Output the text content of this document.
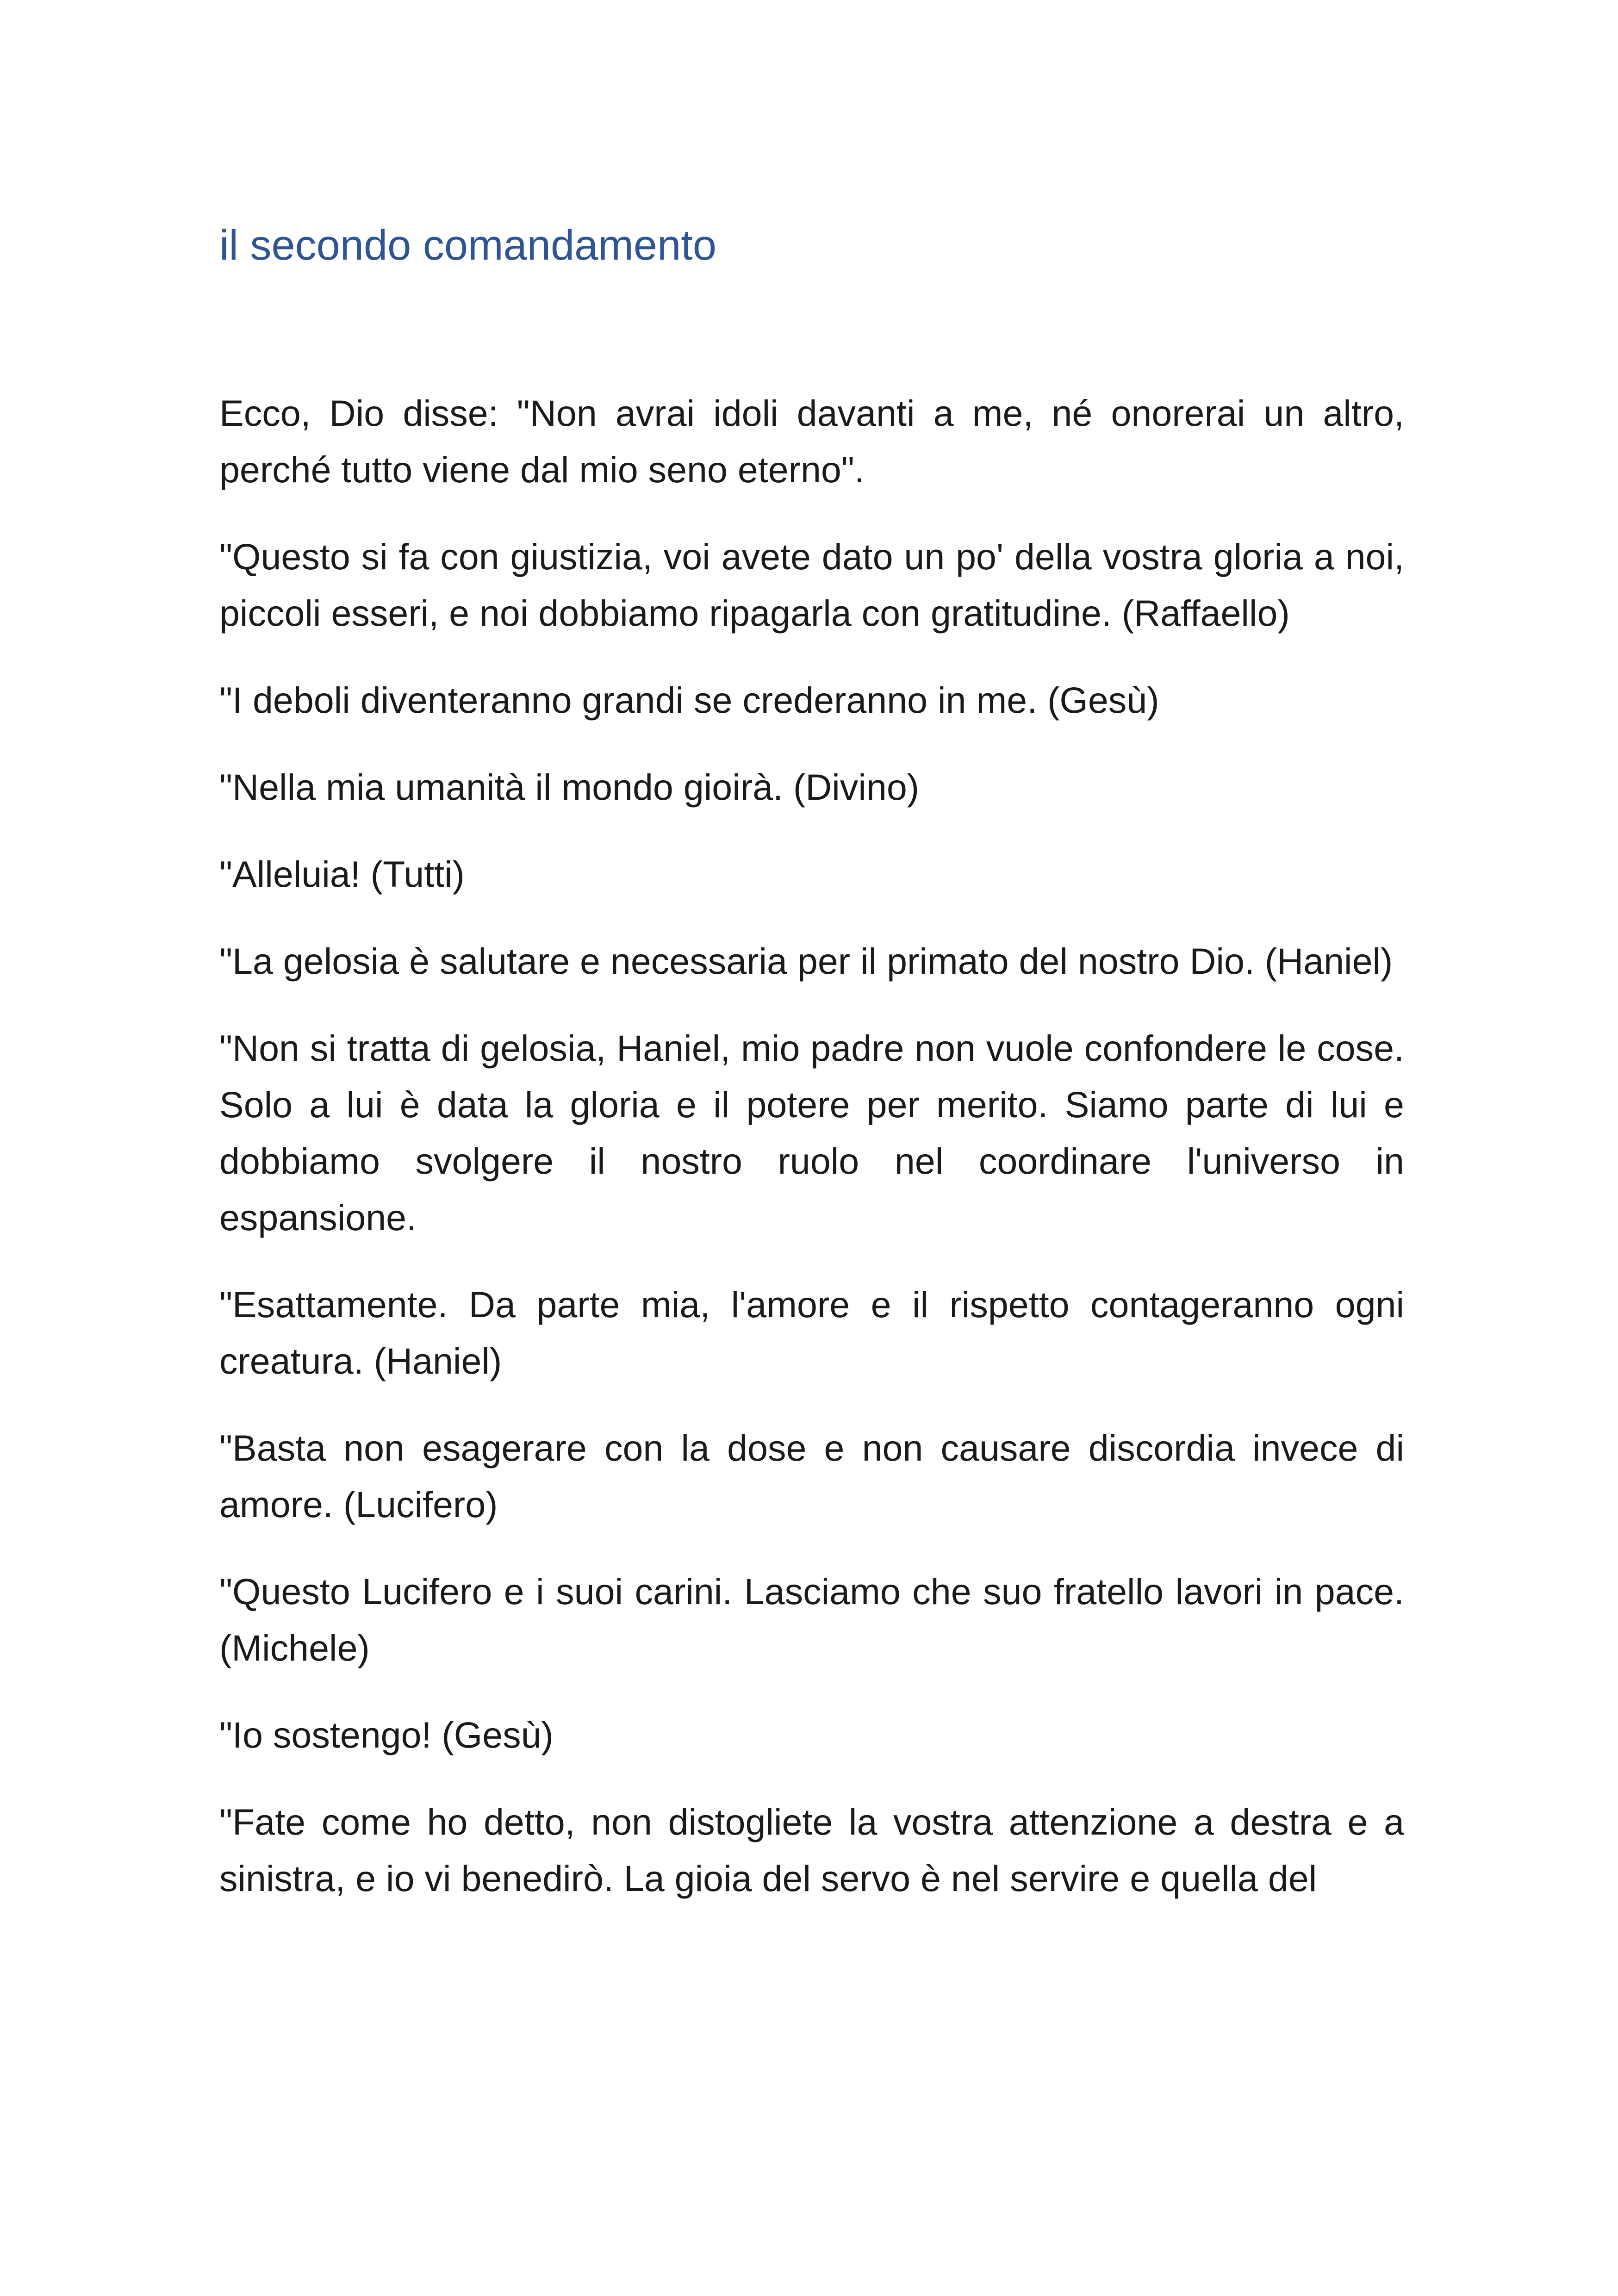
il secondo comandamento

Ecco, Dio disse: "Non avrai idoli davanti a me, né onorerai un altro, perché tutto viene dal mio seno eterno".

"Questo si fa con giustizia, voi avete dato un po' della vostra gloria a noi, piccoli esseri, e noi dobbiamo ripagarla con gratitudine. (Raffaello)

"I deboli diventeranno grandi se crederanno in me. (Gesù)

"Nella mia umanità il mondo gioirà. (Divino)

"Alleluia! (Tutti)

"La gelosia è salutare e necessaria per il primato del nostro Dio. (Haniel)

"Non si tratta di gelosia, Haniel, mio padre non vuole confondere le cose. Solo a lui è data la gloria e il potere per merito. Siamo parte di lui e dobbiamo svolgere il nostro ruolo nel coordinare l'universo in espansione.

"Esattamente. Da parte mia, l'amore e il rispetto contageranno ogni creatura. (Haniel)

"Basta non esagerare con la dose e non causare discordia invece di amore. (Lucifero)

"Questo Lucifero e i suoi carini. Lasciamo che suo fratello lavori in pace. (Michele)

"Io sostengo! (Gesù)

"Fate come ho detto, non distogliete la vostra attenzione a destra e a sinistra, e io vi benedirò. La gioia del servo è nel servire e quella del
